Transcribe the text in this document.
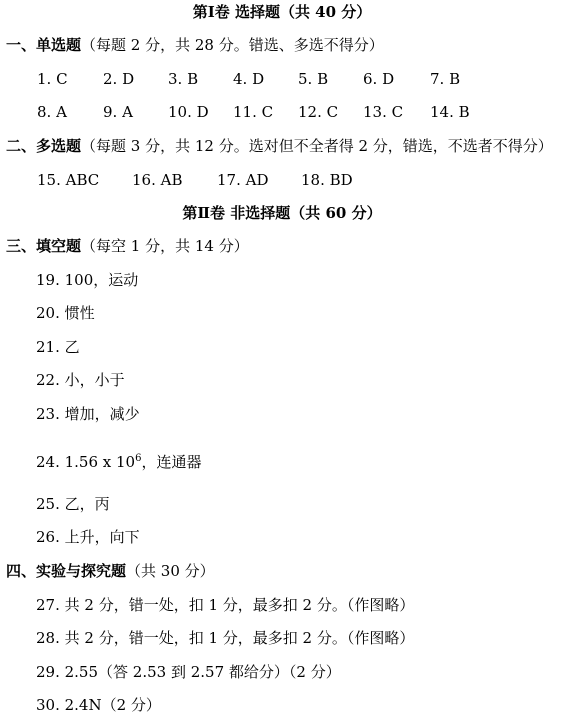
第Ⅰ卷 选择题（共 40 分）
一、单选题（每题 2 分，共 28 分。错选、多选不得分）
1. C 2. D 3. B 4. D 5. B 6. D 7. B
8. A 9. A 10. D 11. C 12. C 13. C 14. B
二、多选题（每题 3 分，共 12 分。选对但不全者得 2 分，错选，不选者不得分）
15. ABC 16. AB 17. AD 18. BD
第Ⅱ卷 非选择题（共 60 分）
三、填空题（每空 1 分，共 14 分）
19. 100，运动
20. 惯性
21. 乙
22. 小，小于
23. 增加，减少
24. 1.56 x $10^6$，连通器
25. 乙，丙
26. 上升，向下
四、实验与探究题（共 30 分）
27. 共 2 分，错一处，扣 1 分，最多扣 2 分。（作图略）
28. 共 2 分，错一处，扣 1 分，最多扣 2 分。（作图略）
29. 2.55（答 2.53 到 2.57 都给分）（2 分）
30. 2.4N（2 分）
